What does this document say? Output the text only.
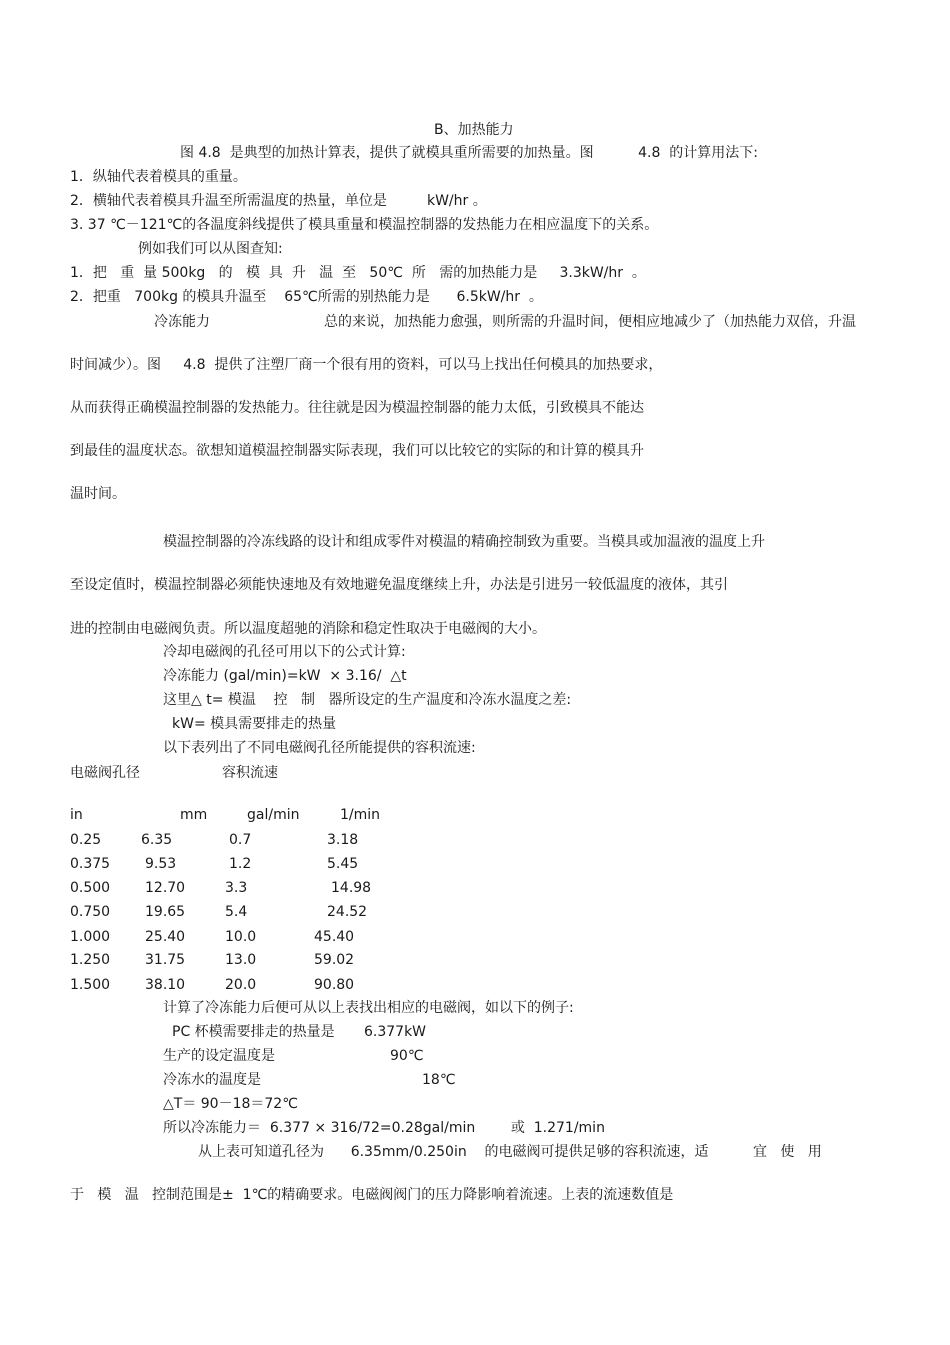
B、加热能力
图 4.8  是典型的加热计算表，提供了就模具重所需要的加热量。图          4.8  的计算用法下:
1．纵轴代表着模具的重量。
2．横轴代表着模具升温至所需温度的热量，单位是         kW/hr 。
3. 37 ℃－121℃的各温度斜线提供了模具重量和模温控制器的发热能力在相应温度下的关系。
例如我们可以从图查知:
1．把   重  量 500kg   的   模  具  升   温  至   50℃  所   需的加热能力是     3.3kW/hr  。
2．把重   700kg 的模具升温至    65℃所需的别热能力是      6.5kW/hr  。
冷冻能力	总的来说，加热能力愈强，则所需的升温时间，便相应地减少了（加热能力双倍，升温
时间减少）。图     4.8  提供了注塑厂商一个很有用的资料，可以马上找出任何模具的加热要求，
从而获得正确模温控制器的发热能力。往往就是因为模温控制器的能力太低，引致模具不能达
到最佳的温度状态。欲想知道模温控制器实际表现，我们可以比较它的实际的和计算的模具升
温时间。
模温控制器的冷冻线路的设计和组成零件对模温的精确控制致为重要。当模具或加温液的温度上升
至设定值时，模温控制器必须能快速地及有效地避免温度继续上升，办法是引进另一较低温度的液体，其引
进的控制由电磁阀负责。所以温度超驰的消除和稳定性取决于电磁阀的大小。
冷却电磁阀的孔径可用以下的公式计算:
冷冻能力 (gal/min)=kW  × 3.16/  △t
这里△ t= 模温    控   制   器所设定的生产温度和冷冻水温度之差:
kW= 模具需要排走的热量
以下表列出了不同电磁阀孔径所能提供的容积流速:
电磁阀孔径	容积流速
in	mm	gal/min	1/min
0.25	6.35	0.7	3.18
0.375 9.53	1.2	5.45
0.500 12.70	3.3	14.98
0.750 19.65	5.4	24.52
1.000 25.40	10.0	45.40
1.250 31.75	13.0	59.02
1.500 38.10	20.0	90.80
计算了冷冻能力后便可从以上表找出相应的电磁阀，如以下的例子:
PC 杯模需要排走的热量是 6.377kW
生产的设定温度是	90℃
冷冻水的温度是	18℃
△T＝ 90－18＝72℃
所以冷冻能力＝  6.377 × 316/72=0.28gal/min        或  1.271/min
从上表可知道孔径为      6.35mm/0.250in    的电磁阀可提供足够的容积流速，适          宜   使   用
于   模   温   控制范围是±  1℃的精确要求。电磁阀阀门的压力降影响着流速。上表的流速数值是
